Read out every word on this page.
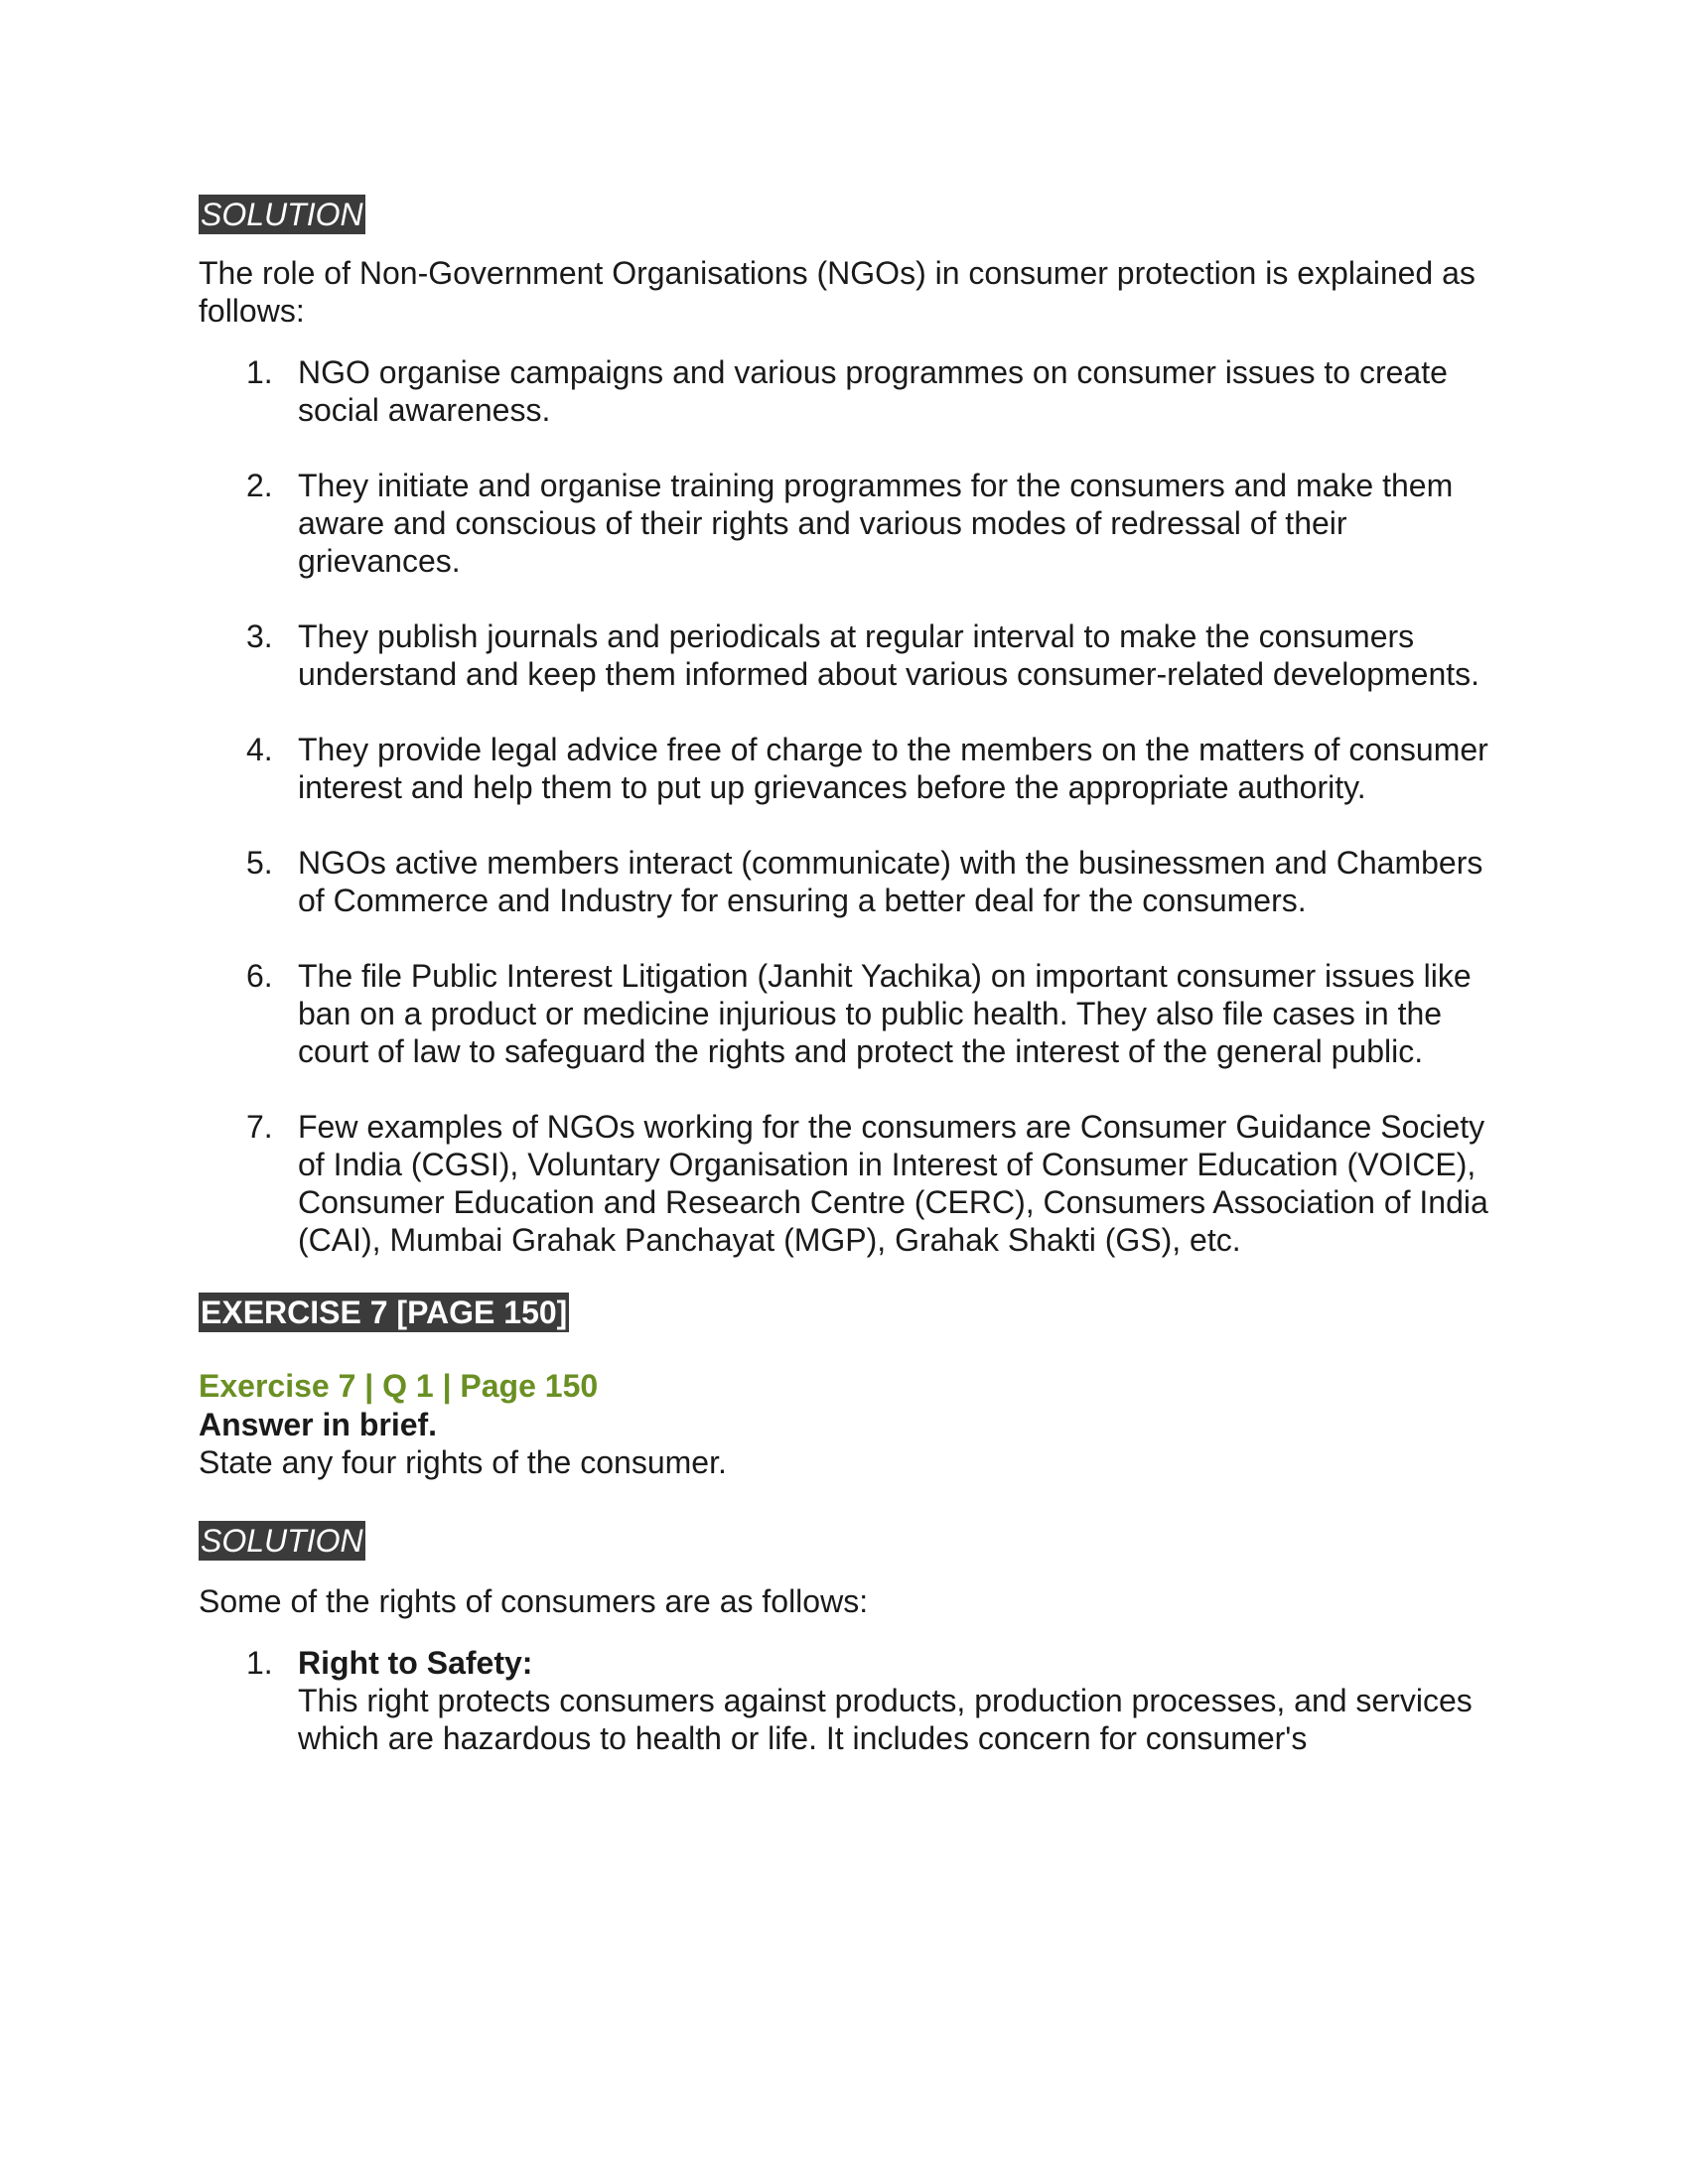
SOLUTION

The role of Non-Government Organisations (NGOs) in consumer protection is explained as follows:

1. NGO organise campaigns and various programmes on consumer issues to create social awareness.
2. They initiate and organise training programmes for the consumers and make them aware and conscious of their rights and various modes of redressal of their grievances.
3. They publish journals and periodicals at regular interval to make the consumers understand and keep them informed about various consumer-related developments.
4. They provide legal advice free of charge to the members on the matters of consumer interest and help them to put up grievances before the appropriate authority.
5. NGOs active members interact (communicate) with the businessmen and Chambers of Commerce and Industry for ensuring a better deal for the consumers.
6. The file Public Interest Litigation (Janhit Yachika) on important consumer issues like ban on a product or medicine injurious to public health. They also file cases in the court of law to safeguard the rights and protect the interest of the general public.
7. Few examples of NGOs working for the consumers are Consumer Guidance Society of India (CGSI), Voluntary Organisation in Interest of Consumer Education (VOICE), Consumer Education and Research Centre (CERC), Consumers Association of India (CAI), Mumbai Grahak Panchayat (MGP), Grahak Shakti (GS), etc.
EXERCISE 7 [PAGE 150]
Exercise 7 | Q 1 | Page 150

Answer in brief.

State any four rights of the consumer.

SOLUTION

Some of the rights of consumers are as follows:

1. Right to Safety:
This right protects consumers against products, production processes, and services which are hazardous to health or life. It includes concern for consumer's
